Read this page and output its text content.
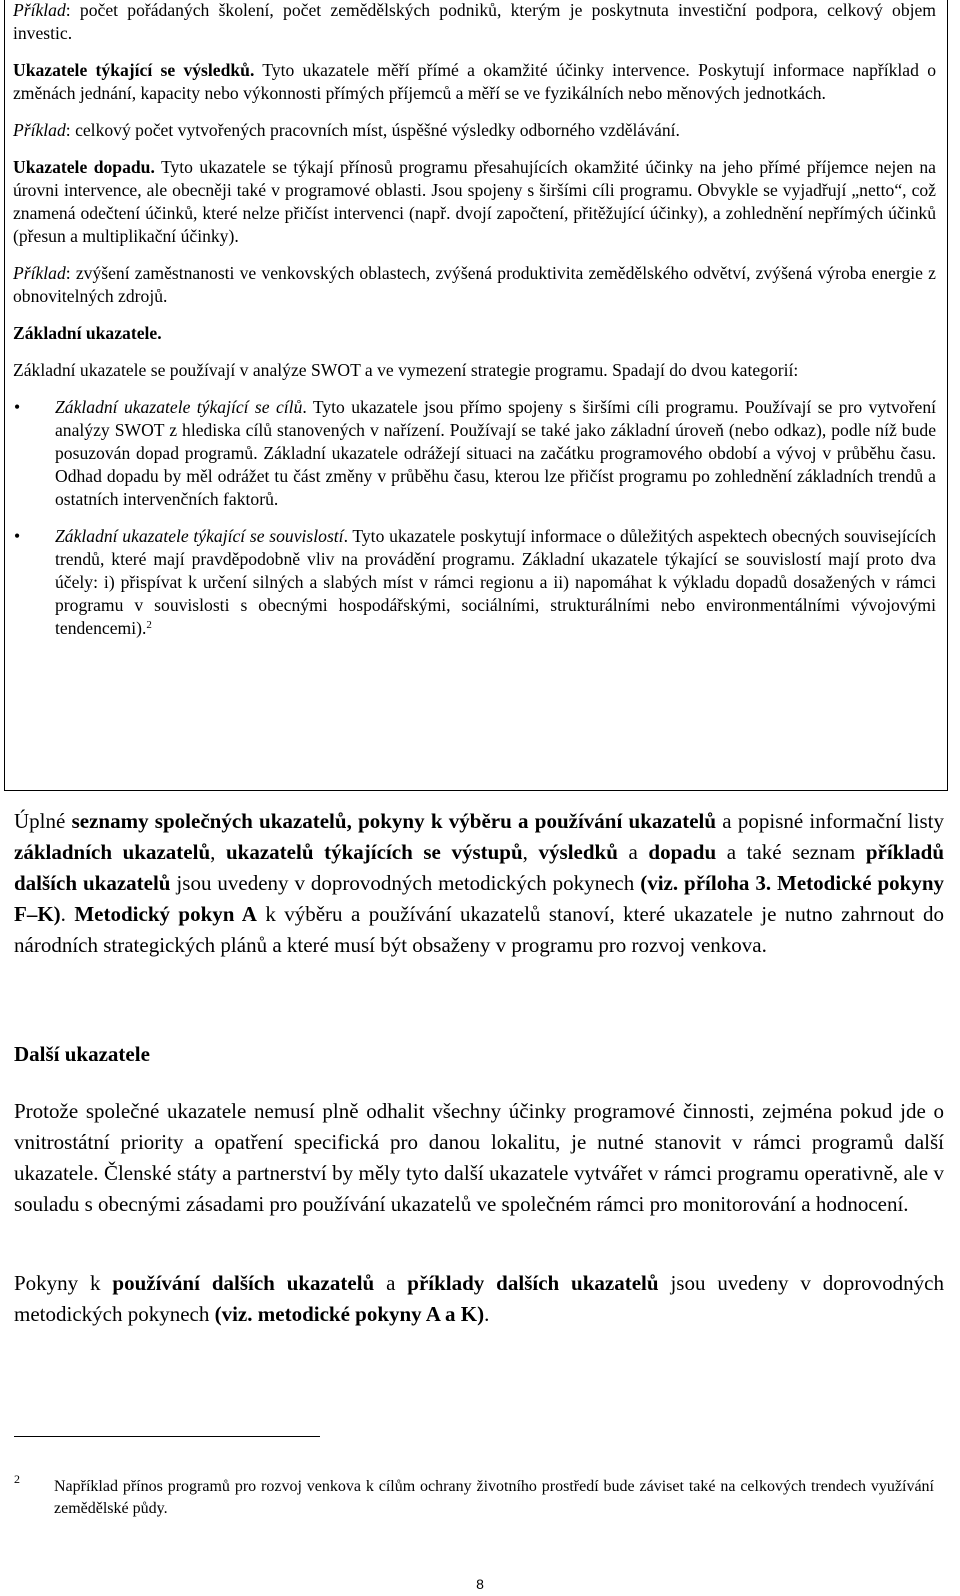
Příklad: počet pořádaných školení, počet zemědělských podniků, kterým je poskytnuta investiční podpora, celkový objem investic.

Ukazatele týkající se výsledků. Tyto ukazatele měří přímé a okamžité účinky intervence. Poskytují informace například o změnách jednání, kapacity nebo výkonnosti přímých příjemců a měří se ve fyzikálních nebo měnových jednotkách.

Příklad: celkový počet vytvořených pracovních míst, úspěšné výsledky odborného vzdělávání.

Ukazatele dopadu. Tyto ukazatele se týkají přínosů programu přesahujících okamžité účinky na jeho přímé příjemce nejen na úrovni intervence, ale obecněji také v programové oblasti. Jsou spojeny s širšími cíli programu. Obvykle se vyjadřují „netto“, což znamená odečtení účinků, které nelze přičíst intervenci (např. dvojí započtení, přitěžující účinky), a zohlednění nepřímých účinků (přesun a multiplikační účinky).

Příklad: zvýšení zaměstnanosti ve venkovských oblastech, zvýšená produktivita zemědělského odvětví, zvýšená výroba energie z obnovitelných zdrojů.

Základní ukazatele.

Základní ukazatele se používají v analýze SWOT a ve vymezení strategie programu. Spadají do dvou kategorií:

• Základní ukazatele týkající se cílů. Tyto ukazatele jsou přímo spojeny s širšími cíli programu. Používají se pro vytvoření analýzy SWOT z hlediska cílů stanovených v nařízení. Používají se také jako základní úroveň (nebo odkaz), podle níž bude posuzován dopad programů. Základní ukazatele odrážejí situaci na začátku programového období a vývoj v průběhu času. Odhad dopadu by měl odrážet tu část změny v průběhu času, kterou lze přičíst programu po zohlednění základních trendů a ostatních intervenčních faktorů.
• Základní ukazatele týkající se souvislostí. Tyto ukazatele poskytují informace o důležitých aspektech obecných souvisejících trendů, které mají pravděpodobně vliv na provádění programu. Základní ukazatele týkající se souvislostí mají proto dva účely: i) přispívat k určení silných a slabých míst v rámci regionu a ii) napomáhat k výkladu dopadů dosažených v rámci programu v souvislosti s obecnými hospodářskými, sociálními, strukturálními nebo environmentálními vývojovými tendencemi).$^2$

Úplné seznamy společných ukazatelů, pokyny k výběru a používání ukazatelů a popisné informační listy základních ukazatelů, ukazatelů týkajících se výstupů, výsledků a dopadu a také seznam příkladů dalších ukazatelů jsou uvedeny v doprovodných metodických pokynech (viz. příloha 3. Metodické pokyny F–K). Metodický pokyn A k výběru a používání ukazatelů stanoví, které ukazatele je nutno zahrnout do národních strategických plánů a které musí být obsaženy v programu pro rozvoj venkova.

Další ukazatele

Protože společné ukazatele nemusí plně odhalit všechny účinky programové činnosti, zejména pokud jde o vnitrostátní priority a opatření specifická pro danou lokalitu, je nutné stanovit v rámci programů další ukazatele. Členské státy a partnerství by měly tyto další ukazatele vytvářet v rámci programu operativně, ale v souladu s obecnými zásadami pro používání ukazatelů ve společném rámci pro monitorování a hodnocení.

Pokyny k používání dalších ukazatelů a příklady dalších ukazatelů jsou uvedeny v doprovodných metodických pokynech (viz. metodické pokyny A a K).

2 Například přínos programů pro rozvoj venkova k cílům ochrany životního prostředí bude záviset také na celkových trendech využívání zemědělské půdy.
8
